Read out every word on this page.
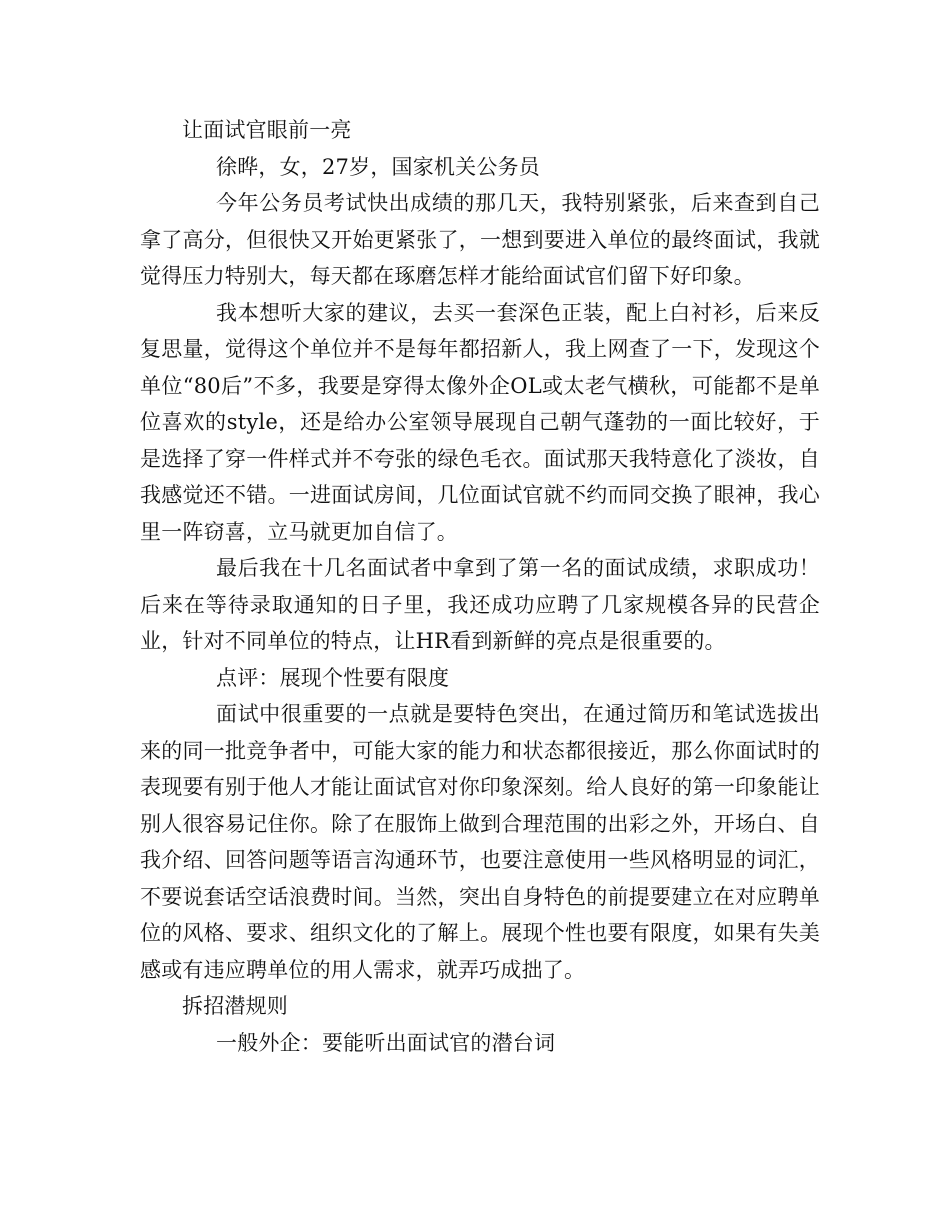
让面试官眼前一亮

徐晔，女，27岁，国家机关公务员

今年公务员考试快出成绩的那几天，我特别紧张，后来查到自己拿了高分，但很快又开始更紧张了，一想到要进入单位的最终面试，我就觉得压力特别大，每天都在琢磨怎样才能给面试官们留下好印象。

我本想听大家的建议，去买一套深色正装，配上白衬衫，后来反复思量，觉得这个单位并不是每年都招新人，我上网查了一下，发现这个单位“80后”不多，我要是穿得太像外企OL或太老气横秋，可能都不是单位喜欢的style，还是给办公室领导展现自己朝气蓬勃的一面比较好，于是选择了穿一件样式并不夸张的绿色毛衣。面试那天我特意化了淡妆，自我感觉还不错。一进面试房间，几位面试官就不约而同交换了眼神，我心里一阵窃喜，立马就更加自信了。

最后我在十几名面试者中拿到了第一名的面试成绩，求职成功！后来在等待录取通知的日子里，我还成功应聘了几家规模各异的民营企业，针对不同单位的特点，让HR看到新鲜的亮点是很重要的。

点评：展现个性要有限度

面试中很重要的一点就是要特色突出，在通过简历和笔试选拔出来的同一批竞争者中，可能大家的能力和状态都很接近，那么你面试时的表现要有别于他人才能让面试官对你印象深刻。给人良好的第一印象能让别人很容易记住你。除了在服饰上做到合理范围的出彩之外，开场白、自我介绍、回答问题等语言沟通环节，也要注意使用一些风格明显的词汇，不要说套话空话浪费时间。当然，突出自身特色的前提要建立在对应聘单位的风格、要求、组织文化的了解上。展现个性也要有限度，如果有失美感或有违应聘单位的用人需求，就弄巧成拙了。

拆招潜规则

一般外企：要能听出面试官的潜台词
